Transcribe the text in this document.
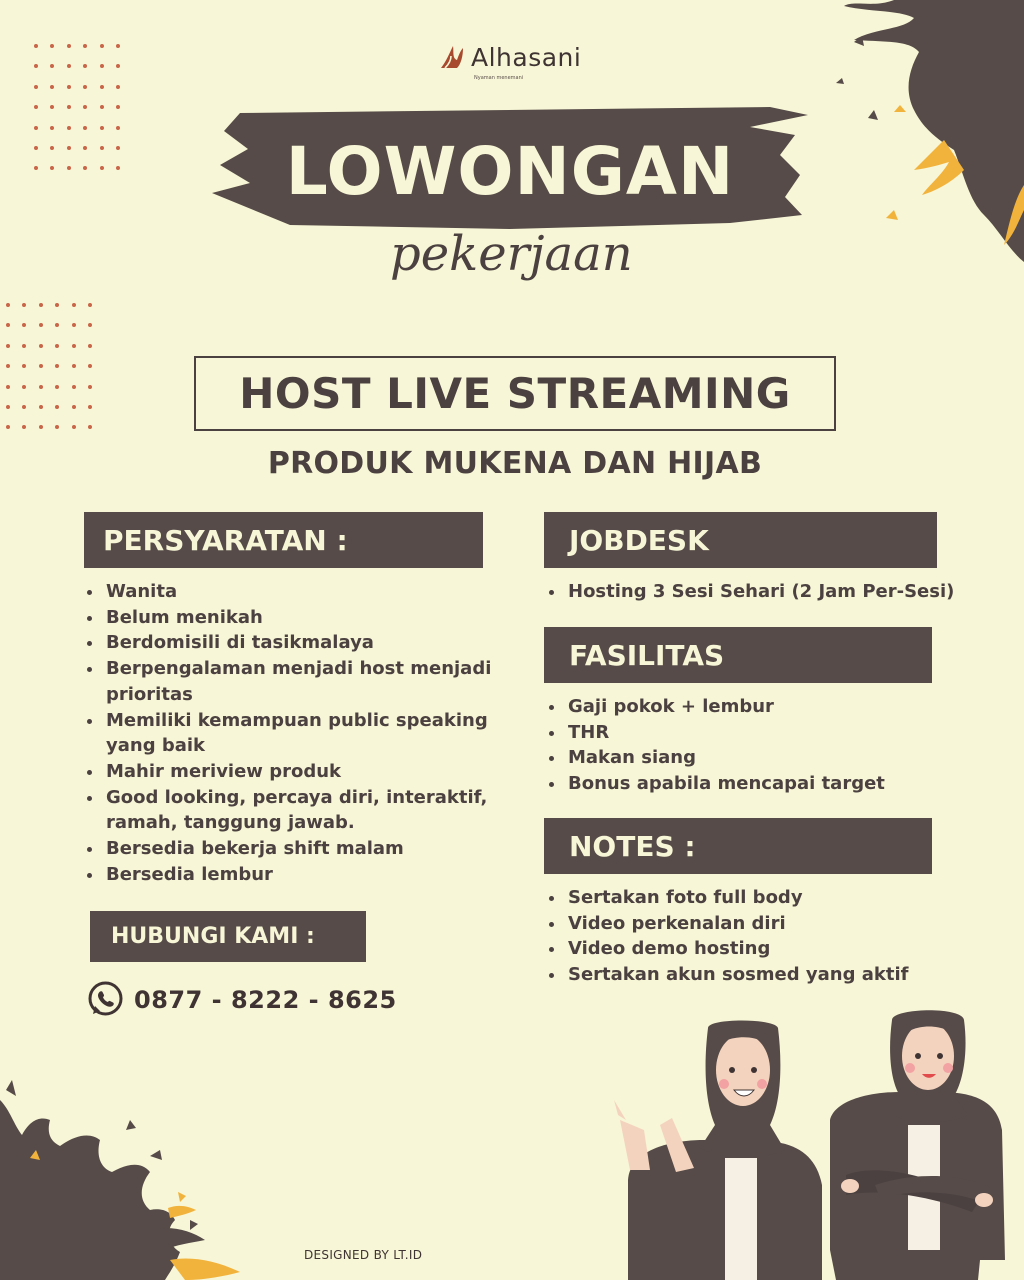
Alhasani
Nyaman menemani
LOWONGAN
pekerjaan
HOST LIVE STREAMING
PRODUK MUKENA DAN HIJAB
PERSYARATAN :	JOBDESK
FASILITAS
NOTES :
HUBUNGI KAMI :
Wanita
Belum menikah
Berdomisili di tasikmalaya
Berpengalaman menjadi host menjadi prioritas
Memiliki kemampuan public speaking yang baik
Mahir meriview produk
Good looking, percaya diri, interaktif, ramah, tanggung jawab.
Bersedia bekerja shift malam
Bersedia lembur
Hosting 3 Sesi Sehari (2 Jam Per-Sesi)
Gaji pokok + lembur
THR
Makan siang
Bonus apabila mencapai target
Sertakan foto full body
Video perkenalan diri
Video demo hosting
Sertakan akun sosmed yang aktif
0877 - 8222 - 8625
DESIGNED BY LT.ID
